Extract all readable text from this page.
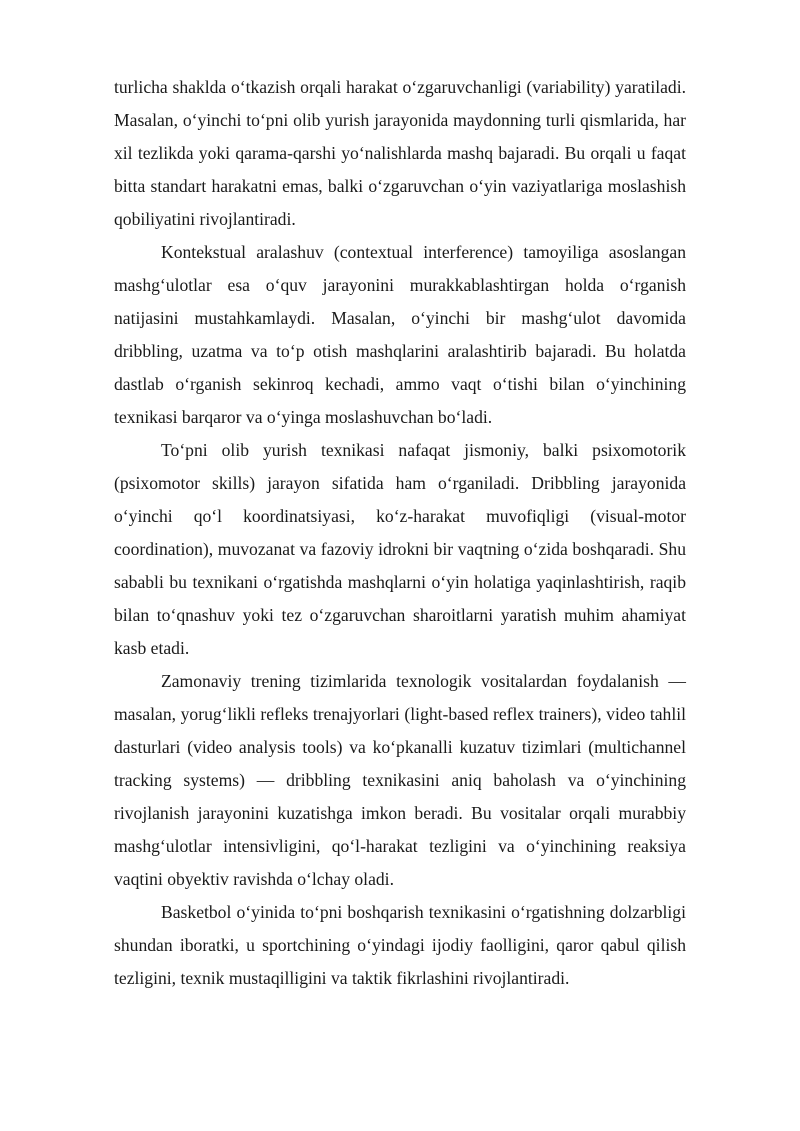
turlicha shaklda o‘tkazish orqali harakat o‘zgaruvchanligi (variability) yaratiladi. Masalan, o‘yinchi to‘pni olib yurish jarayonida maydonning turli qismlarida, har xil tezlikda yoki qarama-qarshi yo‘nalishlarda mashq bajaradi. Bu orqali u faqat bitta standart harakatni emas, balki o‘zgaruvchan o‘yin vaziyatlariga moslashish qobiliyatini rivojlantiradi.

Kontekstual aralashuv (contextual interference) tamoyiliga asoslangan mashg‘ulotlar esa o‘quv jarayonini murakkablashtirgan holda o‘rganish natijasini mustahkamlaydi. Masalan, o‘yinchi bir mashg‘ulot davomida dribbling, uzatma va to‘p otish mashqlarini aralashtirib bajaradi. Bu holatda dastlab o‘rganish sekinroq kechadi, ammo vaqt o‘tishi bilan o‘yinchining texnikasi barqaror va o‘yinga moslashuvchan bo‘ladi.

To‘pni olib yurish texnikasi nafaqat jismoniy, balki psixomotorik (psixomotor skills) jarayon sifatida ham o‘rganiladi. Dribbling jarayonida o‘yinchi qo‘l koordinatsiyasi, ko‘z-harakat muvofiqligi (visual-motor coordination), muvozanat va fazoviy idrokni bir vaqtning o‘zida boshqaradi. Shu sababli bu texnikani o‘rgatishda mashqlarni o‘yin holatiga yaqinlashtirish, raqib bilan to‘qnashuv yoki tez o‘zgaruvchan sharoitlarni yaratish muhim ahamiyat kasb etadi.

Zamonaviy trening tizimlarida texnologik vositalardan foydalanish — masalan, yorug‘likli refleks trenajyorlari (light-based reflex trainers), video tahlil dasturlari (video analysis tools) va ko‘pkanalli kuzatuv tizimlari (multichannel tracking systems) — dribbling texnikasini aniq baholash va o‘yinchining rivojlanish jarayonini kuzatishga imkon beradi. Bu vositalar orqali murabbiy mashg‘ulotlar intensivligini, qo‘l-harakat tezligini va o‘yinchining reaksiya vaqtini obyektiv ravishda o‘lchay oladi.

Basketbol o‘yinida to‘pni boshqarish texnikasini o‘rgatishning dolzarbligi shundan iboratki, u sportchining o‘yindagi ijodiy faolligini, qaror qabul qilish tezligini, texnik mustaqilligini va taktik fikrlashini rivojlantiradi.
